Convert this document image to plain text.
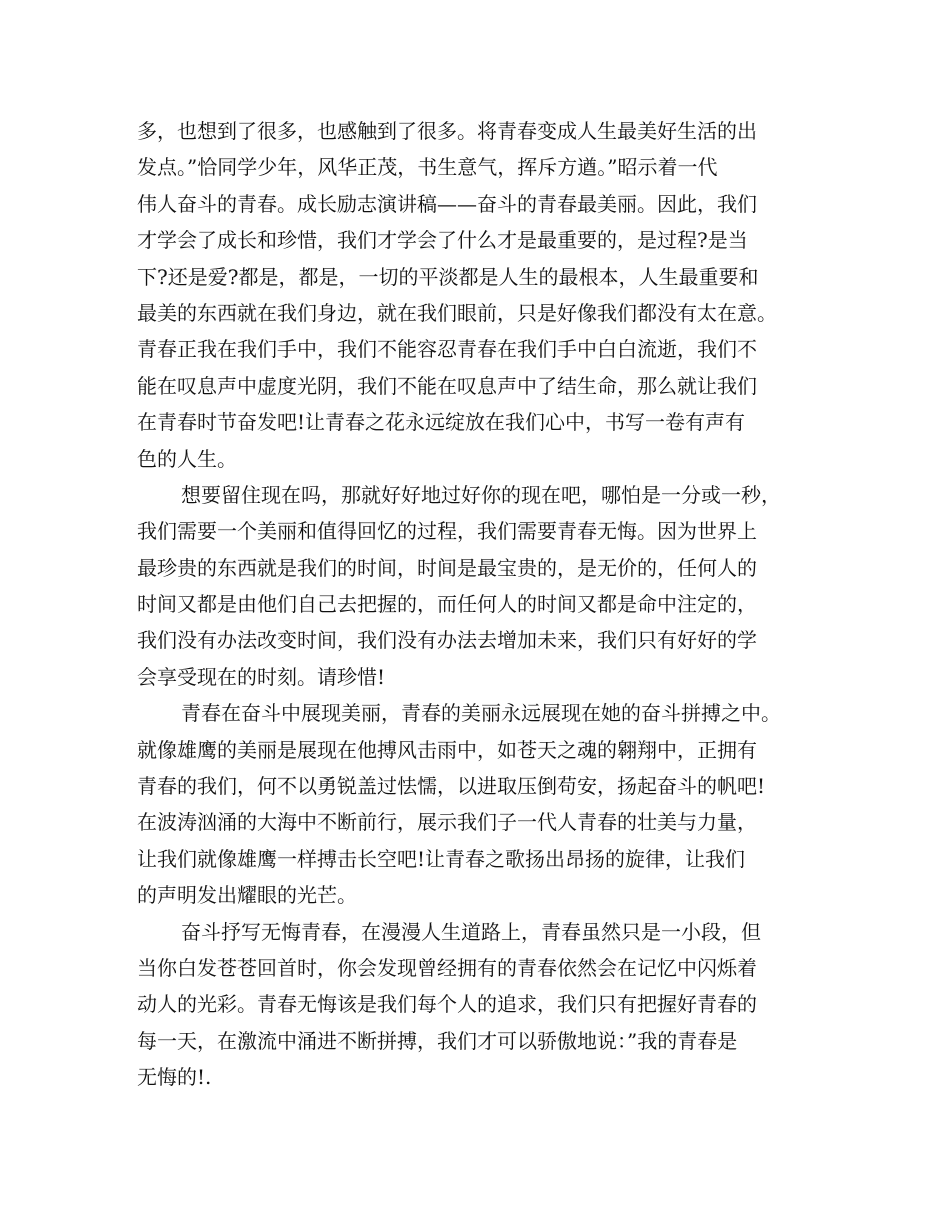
多，也想到了很多，也感触到了很多。将青春变成人生最美好生活的出
发点。”恰同学少年，风华正茂，书生意气，挥斥方遒。”昭示着一代
伟人奋斗的青春。成长励志演讲稿——奋斗的青春最美丽。因此，我们
才学会了成长和珍惜，我们才学会了什么才是最重要的，是过程?是当
下?还是爱?都是，都是，一切的平淡都是人生的最根本，人生最重要和
最美的东西就在我们身边，就在我们眼前，只是好像我们都没有太在意。
青春正我在我们手中，我们不能容忍青春在我们手中白白流逝，我们不
能在叹息声中虚度光阴，我们不能在叹息声中了结生命，那么就让我们
在青春时节奋发吧!让青春之花永远绽放在我们心中，书写一卷有声有
色的人生。
想要留住现在吗，那就好好地过好你的现在吧，哪怕是一分或一秒，
我们需要一个美丽和值得回忆的过程，我们需要青春无悔。因为世界上
最珍贵的东西就是我们的时间，时间是最宝贵的，是无价的，任何人的
时间又都是由他们自己去把握的，而任何人的时间又都是命中注定的，
我们没有办法改变时间，我们没有办法去增加未来，我们只有好好的学
会享受现在的时刻。请珍惜!
青春在奋斗中展现美丽，青春的美丽永远展现在她的奋斗拼搏之中。
就像雄鹰的美丽是展现在他搏风击雨中，如苍天之魂的翱翔中，正拥有
青春的我们，何不以勇锐盖过怯懦，以进取压倒苟安，扬起奋斗的帆吧!
在波涛汹涌的大海中不断前行，展示我们子一代人青春的壮美与力量，
让我们就像雄鹰一样搏击长空吧!让青春之歌扬出昂扬的旋律，让我们
的声明发出耀眼的光芒。
奋斗抒写无悔青春，在漫漫人生道路上，青春虽然只是一小段，但
当你白发苍苍回首时，你会发现曾经拥有的青春依然会在记忆中闪烁着
动人的光彩。青春无悔该是我们每个人的追求，我们只有把握好青春的
每一天，在激流中涌进不断拼搏，我们才可以骄傲地说：”我的青春是
无悔的!.
